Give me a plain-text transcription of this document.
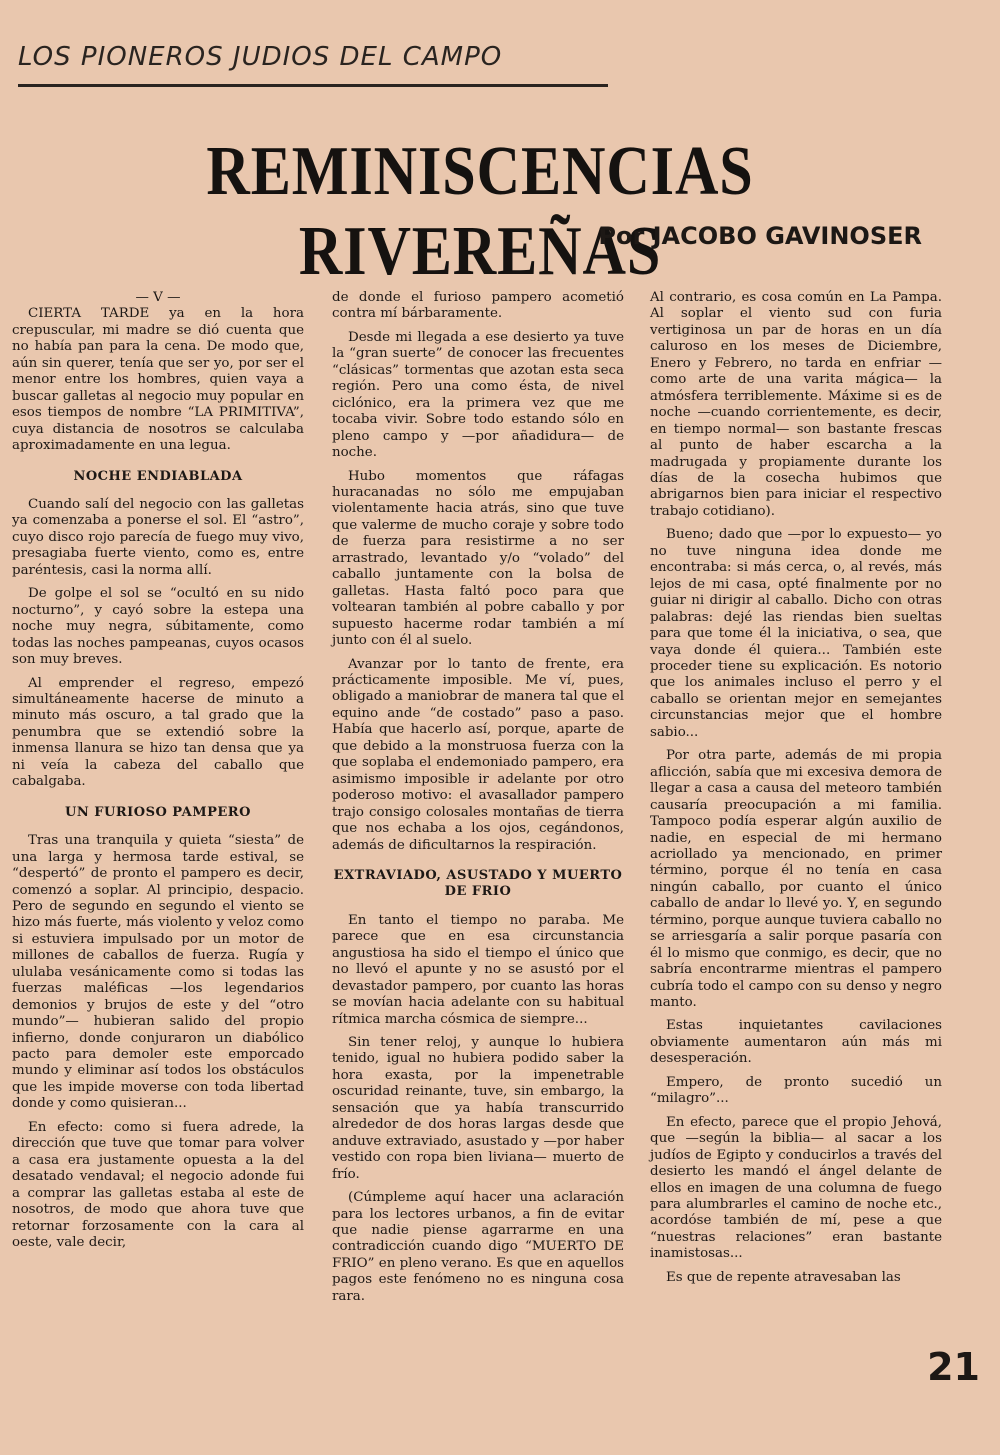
LOS PIONEROS JUDIOS DEL CAMPO
REMINISCENCIAS RIVEREÑAS
Por JACOBO GAVINOSER

— V —

CIERTA TARDE ya en la hora crepuscular, mi madre se dió cuenta que no había pan para la cena. De modo que, aún sin querer, tenía que ser yo, por ser el menor entre los hombres, quien vaya a buscar galletas al negocio muy popular en esos tiempos de nombre “LA PRIMITIVA”, cuya distancia de nosotros se calculaba aproximadamente en una legua.

NOCHE ENDIABLADA

Cuando salí del negocio con las galletas ya comenzaba a ponerse el sol. El “astro”, cuyo disco rojo parecía de fuego muy vivo, presagiaba fuerte viento, como es, entre paréntesis, casi la norma allí.

De golpe el sol se “ocultó en su nido nocturno”, y cayó sobre la estepa una noche muy negra, súbitamente, como todas las noches pampeanas, cuyos ocasos son muy breves.

Al emprender el regreso, empezó simultáneamente hacerse de minuto a minuto más oscuro, a tal grado que la penumbra que se extendió sobre la inmensa llanura se hizo tan densa que ya ni veía la cabeza del caballo que cabalgaba.

UN FURIOSO PAMPERO

Tras una tranquila y quieta “siesta” de una larga y hermosa tarde estival, se “despertó” de pronto el pampero es decir, comenzó a soplar. Al principio, despacio. Pero de segundo en segundo el viento se hizo más fuerte, más violento y veloz como si estuviera impulsado por un motor de millones de caballos de fuerza. Rugía y ululaba vesánicamente como si todas las fuerzas maléficas —los legendarios demonios y brujos de este y del “otro mundo”— hubieran salido del propio infierno, donde conjuraron un diabólico pacto para demoler este emporcado mundo y eliminar así todos los obstáculos que les impide moverse con toda libertad donde y como quisieran...

En efecto: como si fuera adrede, la dirección que tuve que tomar para volver a casa era justamente opuesta a la del desatado vendaval; el negocio adonde fui a comprar las galletas estaba al este de nosotros, de modo que ahora tuve que retornar forzosamente con la cara al oeste, vale decir,

de donde el furioso pampero acometió contra mí bárbaramente.

Desde mi llegada a ese desierto ya tuve la “gran suerte” de conocer las frecuentes “clásicas” tormentas que azotan esta seca región. Pero una como ésta, de nivel ciclónico, era la primera vez que me tocaba vivir. Sobre todo estando sólo en pleno campo y —por añadidura— de noche.

Hubo momentos que ráfagas huracanadas no sólo me empujaban violentamente hacia atrás, sino que tuve que valerme de mucho coraje y sobre todo de fuerza para resistirme a no ser arrastrado, levantado y/o “volado” del caballo juntamente con la bolsa de galletas. Hasta faltó poco para que voltearan también al pobre caballo y por supuesto hacerme rodar también a mí junto con él al suelo.

Avanzar por lo tanto de frente, era prácticamente imposible. Me ví, pues, obligado a maniobrar de manera tal que el equino ande “de costado” paso a paso. Había que hacerlo así, porque, aparte de que debido a la monstruosa fuerza con la que soplaba el endemoniado pampero, era asimismo imposible ir adelante por otro poderoso motivo: el avasallador pampero trajo consigo colosales montañas de tierra que nos echaba a los ojos, cegándonos, además de dificultarnos la respiración.

EXTRAVIADO, ASUSTADO Y MUERTO DE FRIO

En tanto el tiempo no paraba. Me parece que en esa circunstancia angustiosa ha sido el tiempo el único que no llevó el apunte y no se asustó por el devastador pampero, por cuanto las horas se movían hacia adelante con su habitual rítmica marcha cósmica de siempre...

Sin tener reloj, y aunque lo hubiera tenido, igual no hubiera podido saber la hora exasta, por la impenetrable oscuridad reinante, tuve, sin embargo, la sensación que ya había transcurrido alrededor de dos horas largas desde que anduve extraviado, asustado y —por haber vestido con ropa bien liviana— muerto de frío.

(Cúmpleme aquí hacer una aclaración para los lectores urbanos, a fin de evitar que nadie piense agarrarme en una contradicción cuando digo “MUERTO DE FRIO” en pleno verano. Es que en aquellos pagos este fenómeno no es ninguna cosa rara.

Al contrario, es cosa común en La Pampa. Al soplar el viento sud con furia vertiginosa un par de horas en un día caluroso en los meses de Diciembre, Enero y Febrero, no tarda en enfriar —como arte de una varita mágica— la atmósfera terriblemente. Máxime si es de noche —cuando corrientemente, es decir, en tiempo normal— son bastante frescas al punto de haber escarcha a la madrugada y propiamente durante los días de la cosecha hubimos que abrigarnos bien para iniciar el respectivo trabajo cotidiano).

Bueno; dado que —por lo expuesto— yo no tuve ninguna idea donde me encontraba: si más cerca, o, al revés, más lejos de mi casa, opté finalmente por no guiar ni dirigir al caballo. Dicho con otras palabras: dejé las riendas bien sueltas para que tome él la iniciativa, o sea, que vaya donde él quiera... También este proceder tiene su explicación. Es notorio que los animales incluso el perro y el caballo se orientan mejor en semejantes circunstancias mejor que el hombre sabio...

Por otra parte, además de mi propia aflicción, sabía que mi excesiva demora de llegar a casa a causa del meteoro también causaría preocupación a mi familia. Tampoco podía esperar algún auxilio de nadie, en especial de mi hermano acriollado ya mencionado, en primer término, porque él no tenía en casa ningún caballo, por cuanto el único caballo de andar lo llevé yo. Y, en segundo término, porque aunque tuviera caballo no se arriesgaría a salir porque pasaría con él lo mismo que conmigo, es decir, que no sabría encontrarme mientras el pampero cubría todo el campo con su denso y negro manto.

Estas inquietantes cavilaciones obviamente aumentaron aún más mi desesperación.

Empero, de pronto sucedió un “milagro”...

En efecto, parece que el propio Jehová, que —según la biblia— al sacar a los judíos de Egipto y conducirlos a través del desierto les mandó el ángel delante de ellos en imagen de una columna de fuego para alumbrarles el camino de noche etc., acordóse también de mí, pese a que “nuestras relaciones” eran bastante inamistosas...

Es que de repente atravesaban las

21
